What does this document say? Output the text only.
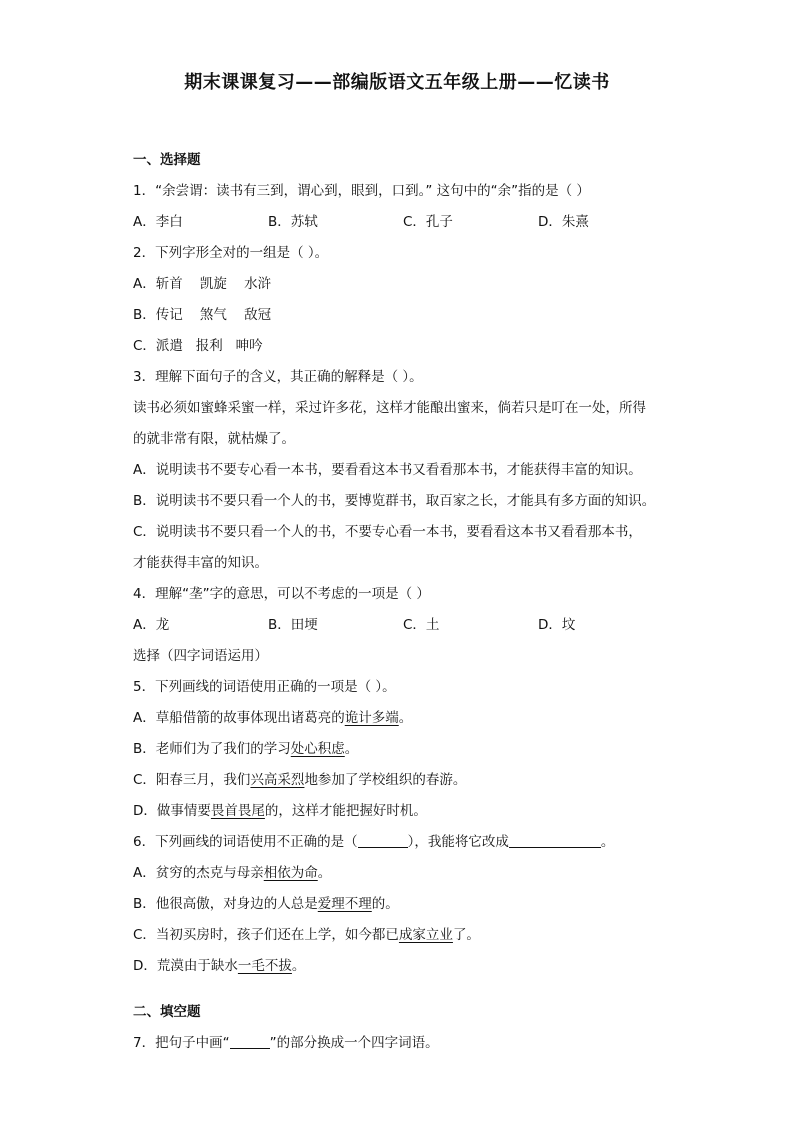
期末课课复习——部编版语文五年级上册——忆读书
一、选择题
1．“余尝谓：读书有三到，谓心到，眼到，口到。” 这句中的“余”指的是（ ）
A．李白	B．苏轼	C．孔子	D．朱熹
2．下列字形全对的一组是（ ）。
A．斩首    凯旋    水浒
B．传记    煞气    敌冠
C．派遣   报利   呻吟
3．理解下面句子的含义，其正确的解释是（ ）。
读书必须如蜜蜂采蜜一样，采过许多花，这样才能酿出蜜来，倘若只是叮在一处，所得
的就非常有限，就枯燥了。
A．说明读书不要专心看一本书，要看看这本书又看看那本书，才能获得丰富的知识。
B．说明读书不要只看一个人的书，要博览群书，取百家之长，才能具有多方面的知识。
C．说明读书不要只看一个人的书，不要专心看一本书，要看看这本书又看看那本书，
才能获得丰富的知识。
4．理解“垄”字的意思，可以不考虑的一项是（ ）
A．龙	B．田埂	C．土	D．坟
选择（四字词语运用）
5．下列画线的词语使用正确的一项是（ ）。
A．草船借箭的故事体现出诸葛亮的诡计多端。
B．老师们为了我们的学习处心积虑。
C．阳春三月，我们兴高采烈地参加了学校组织的春游。
D．做事情要畏首畏尾的，这样才能把握好时机。
6．下列画线的词语使用不正确的是（	），我能将它改成	。
A．贫穷的杰克与母亲相依为命。
B．他很高傲，对身边的人总是爱理不理的。
C．当初买房时，孩子们还在上学，如今都已成家立业了。
D．荒漠由于缺水一毛不拔。
二、填空题
7．把句子中画“	”的部分换成一个四字词语。
